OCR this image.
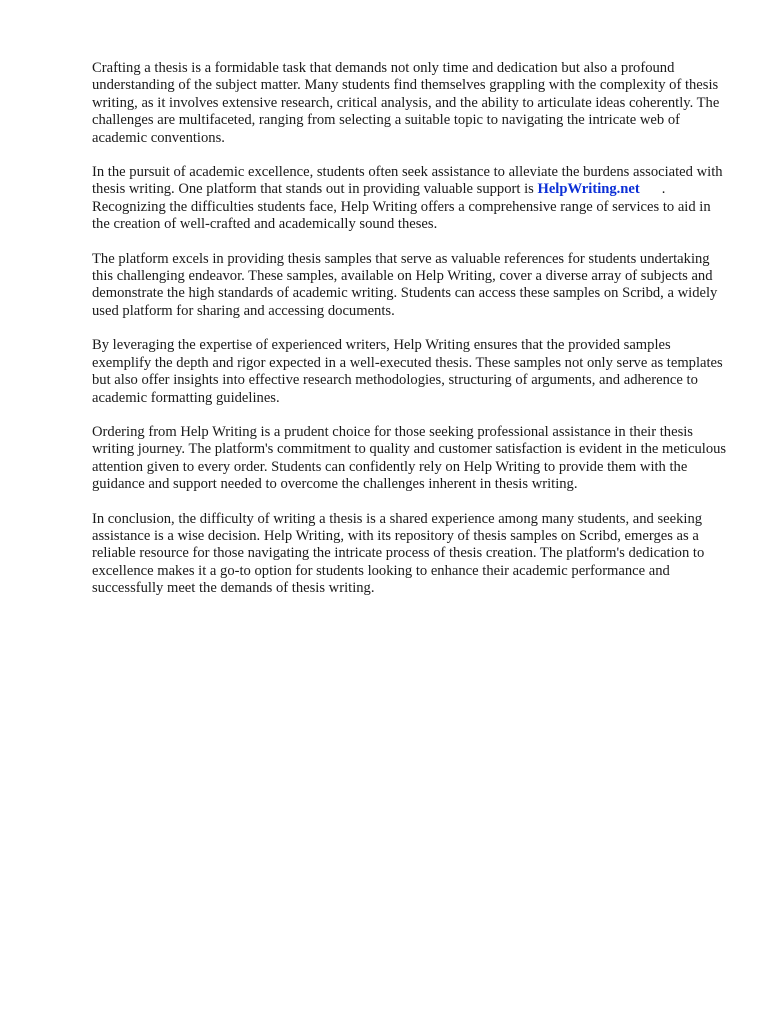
Crafting a thesis is a formidable task that demands not only time and dedication but also a profound understanding of the subject matter. Many students find themselves grappling with the complexity of thesis writing, as it involves extensive research, critical analysis, and the ability to articulate ideas coherently. The challenges are multifaceted, ranging from selecting a suitable topic to navigating the intricate web of academic conventions.

In the pursuit of academic excellence, students often seek assistance to alleviate the burdens associated with thesis writing. One platform that stands out in providing valuable support is HelpWriting.net . Recognizing the difficulties students face, Help Writing offers a comprehensive range of services to aid in the creation of well-crafted and academically sound theses.

The platform excels in providing thesis samples that serve as valuable references for students undertaking this challenging endeavor. These samples, available on Help Writing, cover a diverse array of subjects and demonstrate the high standards of academic writing. Students can access these samples on Scribd, a widely used platform for sharing and accessing documents.

By leveraging the expertise of experienced writers, Help Writing ensures that the provided samples exemplify the depth and rigor expected in a well-executed thesis. These samples not only serve as templates but also offer insights into effective research methodologies, structuring of arguments, and adherence to academic formatting guidelines.

Ordering from Help Writing is a prudent choice for those seeking professional assistance in their thesis writing journey. The platform's commitment to quality and customer satisfaction is evident in the meticulous attention given to every order. Students can confidently rely on Help Writing to provide them with the guidance and support needed to overcome the challenges inherent in thesis writing.

In conclusion, the difficulty of writing a thesis is a shared experience among many students, and seeking assistance is a wise decision. Help Writing, with its repository of thesis samples on Scribd, emerges as a reliable resource for those navigating the intricate process of thesis creation. The platform's dedication to excellence makes it a go-to option for students looking to enhance their academic performance and successfully meet the demands of thesis writing.
